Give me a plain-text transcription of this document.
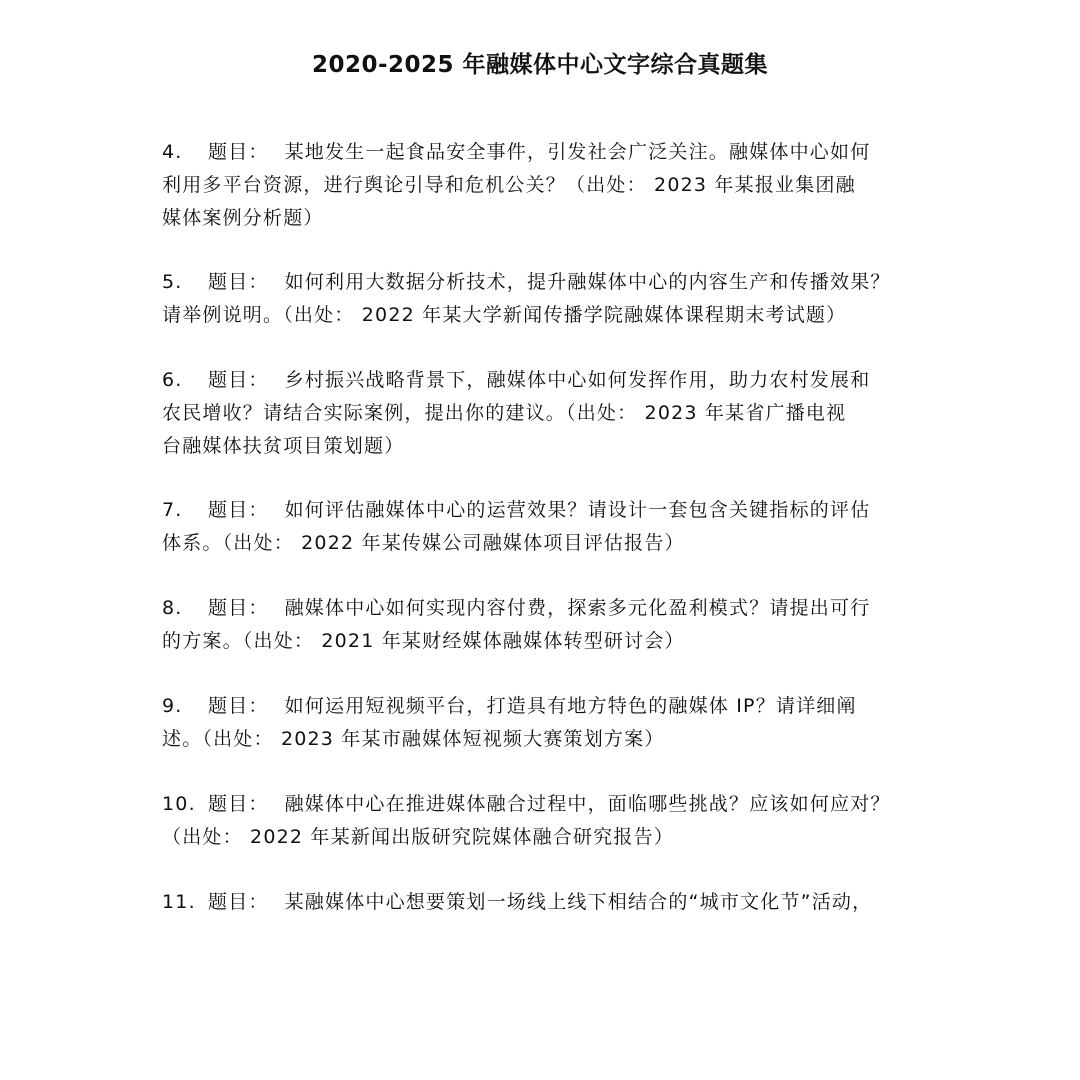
2020-2025 年融媒体中心文字综合真题集
4. 题目： 某地发生一起食品安全事件，引发社会广泛关注。融媒体中心如何
利用多平台资源，进行舆论引导和危机公关？（出处： 2023 年某报业集团融
媒体案例分析题）
5. 题目： 如何利用大数据分析技术，提升融媒体中心的内容生产和传播效果？
请举例说明。（出处： 2022 年某大学新闻传播学院融媒体课程期末考试题）
6. 题目： 乡村振兴战略背景下，融媒体中心如何发挥作用，助力农村发展和
农民增收？请结合实际案例，提出你的建议。（出处： 2023 年某省广播电视
台融媒体扶贫项目策划题）
7. 题目： 如何评估融媒体中心的运营效果？请设计一套包含关键指标的评估
体系。（出处： 2022 年某传媒公司融媒体项目评估报告）
8. 题目： 融媒体中心如何实现内容付费，探索多元化盈利模式？请提出可行
的方案。（出处： 2021 年某财经媒体融媒体转型研讨会）
9. 题目： 如何运用短视频平台，打造具有地方特色的融媒体 IP？请详细阐
述。（出处： 2023 年某市融媒体短视频大赛策划方案）
10. 题目： 融媒体中心在推进媒体融合过程中，面临哪些挑战？应该如何应对？
（出处： 2022 年某新闻出版研究院媒体融合研究报告）
11. 题目： 某融媒体中心想要策划一场线上线下相结合的“城市文化节”活动，
